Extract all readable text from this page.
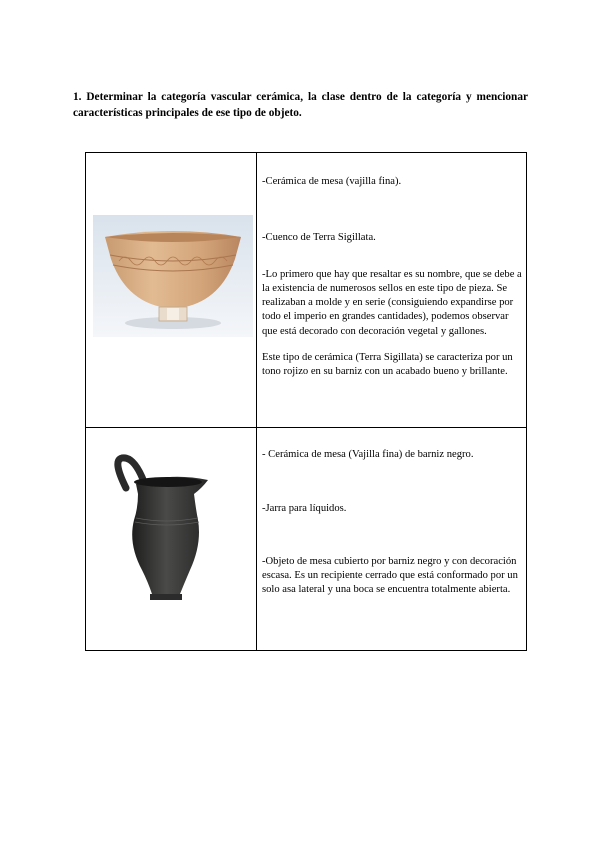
1. Determinar la categoría vascular cerámica, la clase dentro de la categoría y mencionar características principales de ese tipo de objeto.

-Cerámica de mesa (vajilla fina).

-Cuenco de Terra Sigillata.

-Lo primero que hay que resaltar es su nombre, que se debe a la existencia de numerosos sellos en este tipo de pieza. Se realizaban a molde y en serie (consiguiendo expandirse por todo el imperio en grandes cantidades), podemos observar que está decorado con decoración vegetal y gallones.

Este tipo de cerámica (Terra Sigillata) se caracteriza por un tono rojizo en su barniz con un acabado bueno y brillante.

- Cerámica de mesa (Vajilla fina) de barniz negro.

-Jarra para líquidos.

-Objeto de mesa cubierto por barniz negro y con decoración escasa. Es un recipiente cerrado que está conformado por un solo asa lateral y una boca se encuentra totalmente abierta.
